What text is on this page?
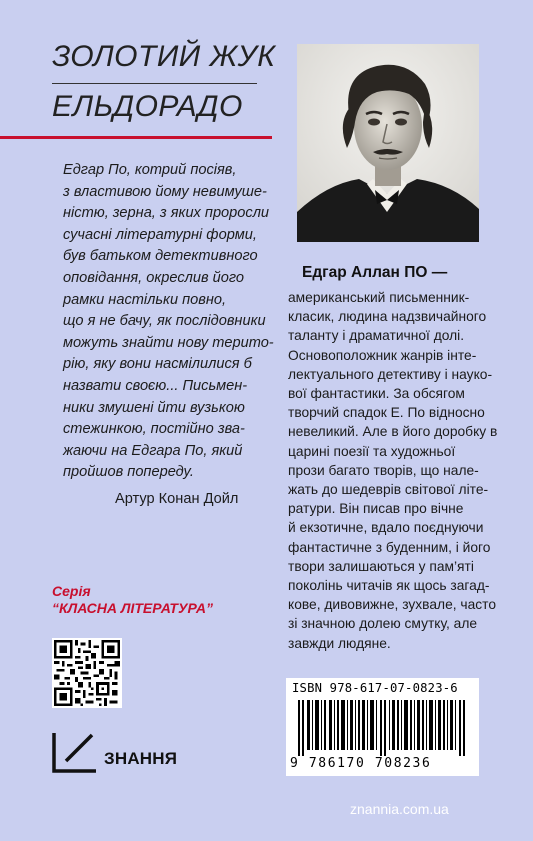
ЗОЛОТИЙ ЖУК
ЕЛЬДОРАДО
Едгар По, котрий посіяв,
з властивою йому невимуше-
ністю, зерна, з яких проросли
сучасні літературні форми,
був батьком детективного
оповідання, окреслив його
рамки настільки повно,
що я не бачу, як послідовники
можуть знайти нову терито-
рію, яку вони насмілилися б
назвати своєю... Письмен-
ники змушені йти вузькою
стежинкою, постійно зва-
жаючи на Едгара По, який
пройшов попереду.
Артур Конан Дойл
Серія
“КЛАСНА ЛІТЕРАТУРА”
ЗНАННЯ
Едгар Аллан ПО —
американський письменник-
класик, людина надзвичайного
таланту і драматичної долі.
Основоположник жанрів інте-
лектуального детективу і науко-
вої фантастики. За обсягом
творчий спадок Е. По відносно
невеликий. Але в його доробку в
царині поезії та художньої
прози багато творів, що нале-
жать до шедеврів світової літе-
ратури. Він писав про вічне
й екзотичне, вдало поєднуючи
фантастичне з буденним, і його
твори залишаються у пам’яті
поколінь читачів як щось загад-
кове, дивовижне, зухвале, часто
зі значною долею смутку, але
завжди людяне.
ISBN 978-617-07-0823-6
9 786170 708236
znannia.com.ua
